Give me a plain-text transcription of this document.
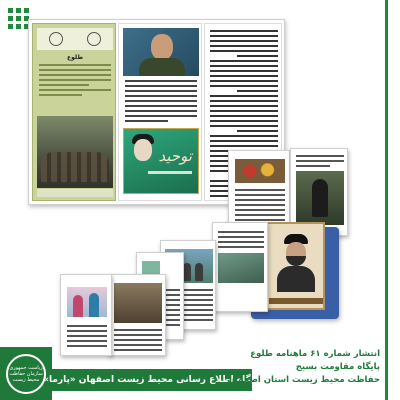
طلوع
توحید
ریاست جمهوری
سازمان حفاظت
محیط زیست پایگاه اطلاع رسانی محیط زیست اصفهان «پارما»
انتشار شماره ۶۱ ماهنامه طلوع
پایگاه مقاومت بسیج
حفاظت محیط زیست استان اصفهان
